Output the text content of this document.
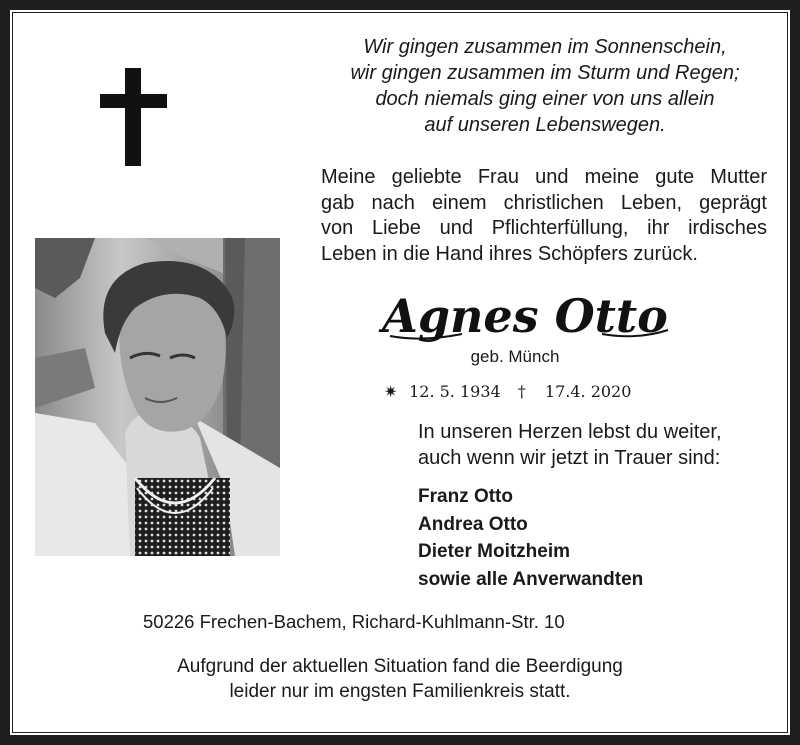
Wir gingen zusammen im Sonnenschein,
wir gingen zusammen im Sturm und Regen;
doch niemals ging einer von uns allein
auf unseren Lebenswegen.
Meine geliebte Frau und meine gute Mutter
gab nach einem christlichen Leben, geprägt
von Liebe und Pflichterfüllung, ihr irdisches
Leben in die Hand ihres Schöpfers zurück.
Agnes Otto
geb. Münch
✷ 12. 5. 1934 † 17.4. 2020
In unseren Herzen lebst du weiter,
auch wenn wir jetzt in Trauer sind:
Franz Otto
Andrea Otto
Dieter Moitzheim
sowie alle Anverwandten
50226 Frechen-Bachem, Richard-Kuhlmann-Str. 10
Aufgrund der aktuellen Situation fand die Beerdigung
leider nur im engsten Familienkreis statt.
